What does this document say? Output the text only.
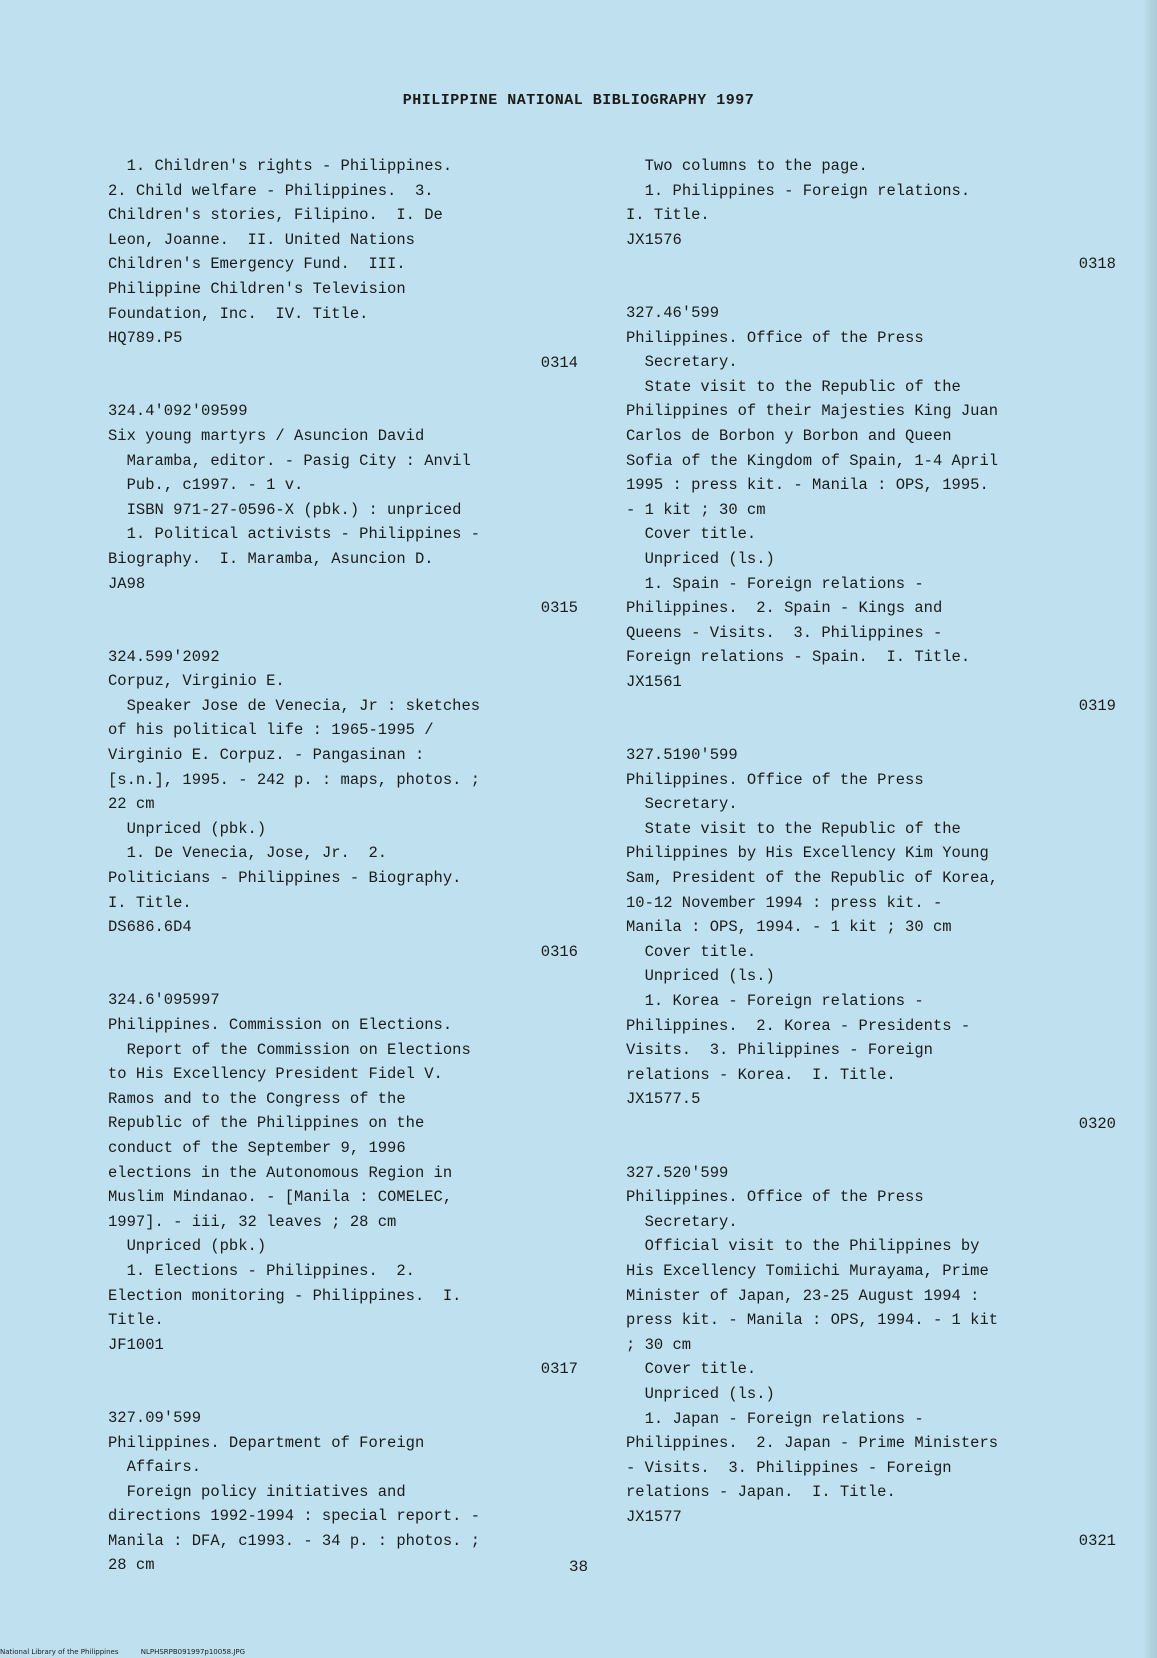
PHILIPPINE NATIONAL BIBLIOGRAPHY 1997

1. Children's rights - Philippines.

2. Child welfare - Philippines.  3.

Children's stories, Filipino.  I. De

Leon, Joanne.  II. United Nations

Children's Emergency Fund.  III.

Philippine Children's Television

Foundation, Inc.  IV. Title.

HQ789.P5

0314

324.4'092'09599

Six young martyrs / Asuncion David

Maramba, editor. - Pasig City : Anvil

Pub., c1997. - 1 v.

ISBN 971-27-0596-X (pbk.) : unpriced

1. Political activists - Philippines -

Biography.  I. Maramba, Asuncion D.

JA98

0315

324.599'2092

Corpuz, Virginio E.

Speaker Jose de Venecia, Jr : sketches

of his political life : 1965-1995 /

Virginio E. Corpuz. - Pangasinan :

[s.n.], 1995. - 242 p. : maps, photos. ;

22 cm

Unpriced (pbk.)

1. De Venecia, Jose, Jr.  2.

Politicians - Philippines - Biography.

I. Title.

DS686.6D4

0316

324.6'095997

Philippines. Commission on Elections.

Report of the Commission on Elections

to His Excellency President Fidel V.

Ramos and to the Congress of the

Republic of the Philippines on the

conduct of the September 9, 1996

elections in the Autonomous Region in

Muslim Mindanao. - [Manila : COMELEC,

1997]. - iii, 32 leaves ; 28 cm

Unpriced (pbk.)

1. Elections - Philippines.  2.

Election monitoring - Philippines.  I.

Title.

JF1001

0317

327.09'599

Philippines. Department of Foreign

Affairs.

Foreign policy initiatives and

directions 1992-1994 : special report. -

Manila : DFA, c1993. - 34 p. : photos. ;

28 cm

Two columns to the page.

1. Philippines - Foreign relations.

I. Title.

JX1576

0318

327.46'599

Philippines. Office of the Press

Secretary.

State visit to the Republic of the

Philippines of their Majesties King Juan

Carlos de Borbon y Borbon and Queen

Sofia of the Kingdom of Spain, 1-4 April

1995 : press kit. - Manila : OPS, 1995.

- 1 kit ; 30 cm

Cover title.

Unpriced (ls.)

1. Spain - Foreign relations -

Philippines.  2. Spain - Kings and

Queens - Visits.  3. Philippines -

Foreign relations - Spain.  I. Title.

JX1561

0319

327.5190'599

Philippines. Office of the Press

Secretary.

State visit to the Republic of the

Philippines by His Excellency Kim Young

Sam, President of the Republic of Korea,

10-12 November 1994 : press kit. -

Manila : OPS, 1994. - 1 kit ; 30 cm

Cover title.

Unpriced (ls.)

1. Korea - Foreign relations -

Philippines.  2. Korea - Presidents -

Visits.  3. Philippines - Foreign

relations - Korea.  I. Title.

JX1577.5

0320

327.520'599

Philippines. Office of the Press

Secretary.

Official visit to the Philippines by

His Excellency Tomiichi Murayama, Prime

Minister of Japan, 23-25 August 1994 :

press kit. - Manila : OPS, 1994. - 1 kit

; 30 cm

Cover title.

Unpriced (ls.)

1. Japan - Foreign relations -

Philippines.  2. Japan - Prime Ministers

- Visits.  3. Philippines - Foreign

relations - Japan.  I. Title.

JX1577

0321

38
National Library of the Philippines	NLPHSRPB091997p10058.JPG
